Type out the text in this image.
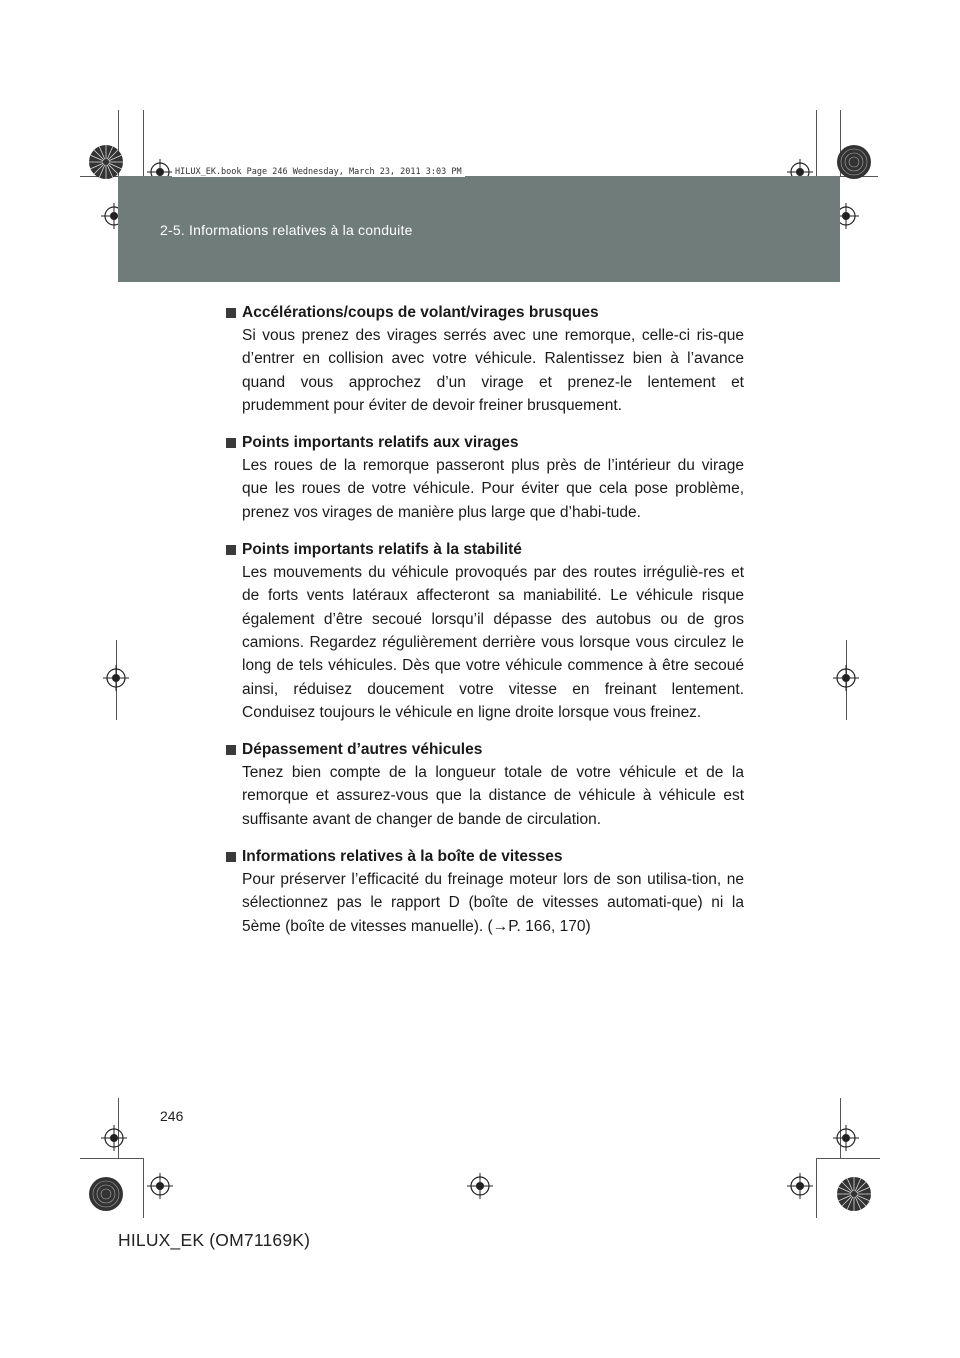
2-5. Informations relatives à la conduite
HILUX_EK.book Page 246 Wednesday, March 23, 2011 3:03 PM
Accélérations/coups de volant/virages brusques
Si vous prenez des virages serrés avec une remorque, celle-ci ris-que d’entrer en collision avec votre véhicule. Ralentissez bien à l’avance quand vous approchez d’un virage et prenez-le lentement et prudemment pour éviter de devoir freiner brusquement.
Points importants relatifs aux virages
Les roues de la remorque passeront plus près de l’intérieur du virage que les roues de votre véhicule. Pour éviter que cela pose problème, prenez vos virages de manière plus large que d’habi-tude.
Points importants relatifs à la stabilité
Les mouvements du véhicule provoqués par des routes irréguliè-res et de forts vents latéraux affecteront sa maniabilité. Le véhicule risque également d’être secoué lorsqu’il dépasse des autobus ou de gros camions. Regardez régulièrement derrière vous lorsque vous circulez le long de tels véhicules. Dès que votre véhicule commence à être secoué ainsi, réduisez doucement votre vitesse en freinant lentement. Conduisez toujours le véhicule en ligne droite lorsque vous freinez.
Dépassement d’autres véhicules
Tenez bien compte de la longueur totale de votre véhicule et de la remorque et assurez-vous que la distance de véhicule à véhicule est suffisante avant de changer de bande de circulation.
Informations relatives à la boîte de vitesses
Pour préserver l’efficacité du freinage moteur lors de son utilisa-tion, ne sélectionnez pas le rapport D (boîte de vitesses automati-que) ni la 5ème (boîte de vitesses manuelle). (→P. 166, 170)
246
HILUX_EK (OM71169K)
